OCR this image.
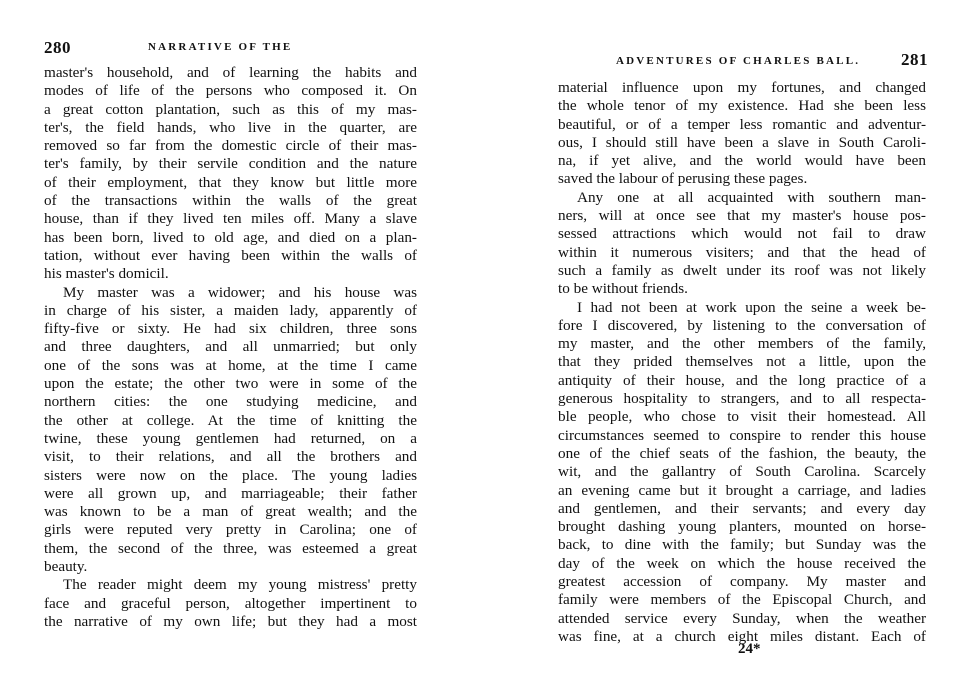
280	NARRATIVE OF THE
master's household, and of learning the habits and
modes of life of the persons who composed it. On
a great cotton plantation, such as this of my mas-
ter's, the field hands, who live in the quarter, are
removed so far from the domestic circle of their mas-
ter's family, by their servile condition and the nature
of their employment, that they know but little more
of the transactions within the walls of the great
house, than if they lived ten miles off. Many a slave
has been born, lived to old age, and died on a plan-
tation, without ever having been within the walls of
his master's domicil.
My master was a widower; and his house was
in charge of his sister, a maiden lady, apparently of
fifty-five or sixty. He had six children, three sons
and three daughters, and all unmarried; but only
one of the sons was at home, at the time I came
upon the estate; the other two were in some of the
northern cities: the one studying medicine, and
the other at college. At the time of knitting the
twine, these young gentlemen had returned, on a
visit, to their relations, and all the brothers and
sisters were now on the place. The young ladies
were all grown up, and marriageable; their father
was known to be a man of great wealth; and the
girls were reputed very pretty in Carolina; one of
them, the second of the three, was esteemed a great
beauty.
The reader might deem my young mistress' pretty
face and graceful person, altogether impertinent to
the narrative of my own life; but they had a most
ADVENTURES OF CHARLES BALL. 281
material influence upon my fortunes, and changed
the whole tenor of my existence. Had she been less
beautiful, or of a temper less romantic and adventur-
ous, I should still have been a slave in South Caroli-
na, if yet alive, and the world would have been
saved the labour of perusing these pages.
Any one at all acquainted with southern man-
ners, will at once see that my master's house pos-
sessed attractions which would not fail to draw
within it numerous visiters; and that the head of
such a family as dwelt under its roof was not likely
to be without friends.
I had not been at work upon the seine a week be-
fore I discovered, by listening to the conversation of
my master, and the other members of the family,
that they prided themselves not a little, upon the
antiquity of their house, and the long practice of a
generous hospitality to strangers, and to all respecta-
ble people, who chose to visit their homestead. All
circumstances seemed to conspire to render this house
one of the chief seats of the fashion, the beauty, the
wit, and the gallantry of South Carolina. Scarcely
an evening came but it brought a carriage, and ladies
and gentlemen, and their servants; and every day
brought dashing young planters, mounted on horse-
back, to dine with the family; but Sunday was the
day of the week on which the house received the
greatest accession of company. My master and
family were members of the Episcopal Church, and
attended service every Sunday, when the weather
was fine, at a church eight miles distant. Each of
24*
